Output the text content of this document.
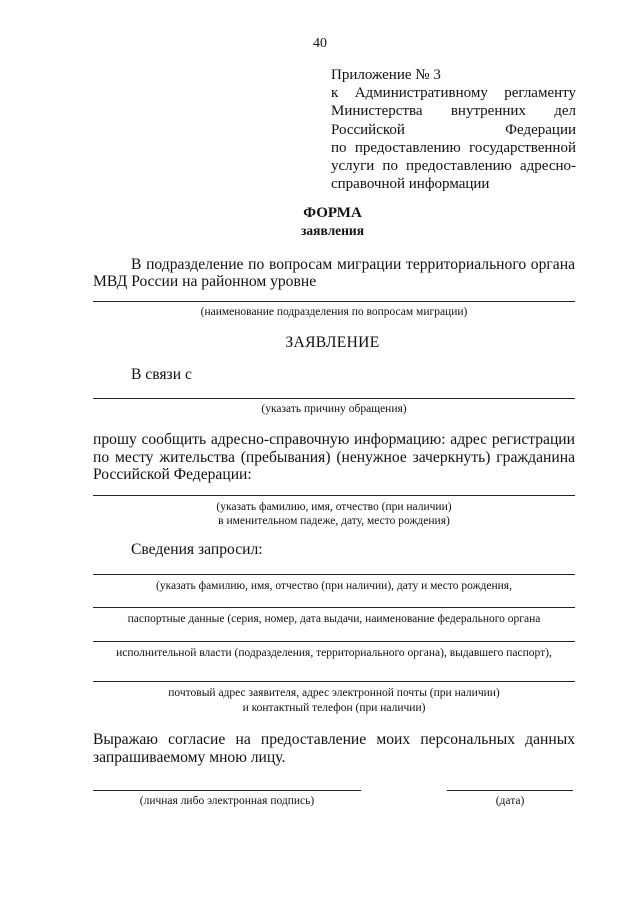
40
Приложение № 3
к Административному регламенту
Министерства внутренних дел
Российской Федерации
по предоставлению государственной
услуги по предоставлению адресно-
справочной информации
ФОРМА
заявления
В подразделение по вопросам миграции территориального органа МВД России на районном уровне
(наименование подразделения по вопросам миграции)
ЗАЯВЛЕНИЕ
В связи с
(указать причину обращения)
прошу сообщить адресно-справочную информацию: адрес регистрации по месту жительства (пребывания) (ненужное зачеркнуть) гражданина Российской Федерации:
(указать фамилию, имя, отчество (при наличии)
в именительном падеже, дату, место рождения)
Сведения запросил:
(указать фамилию, имя, отчество (при наличии), дату и место рождения,
паспортные данные (серия, номер, дата выдачи, наименование федерального органа
исполнительной власти (подразделения, территориального органа), выдавшего паспорт),
почтовый адрес заявителя, адрес электронной почты (при наличии)
и контактный телефон (при наличии)
Выражаю согласие на предоставление моих персональных данных запрашиваемому мною лицу.
(личная либо электронная подпись)	(дата)
